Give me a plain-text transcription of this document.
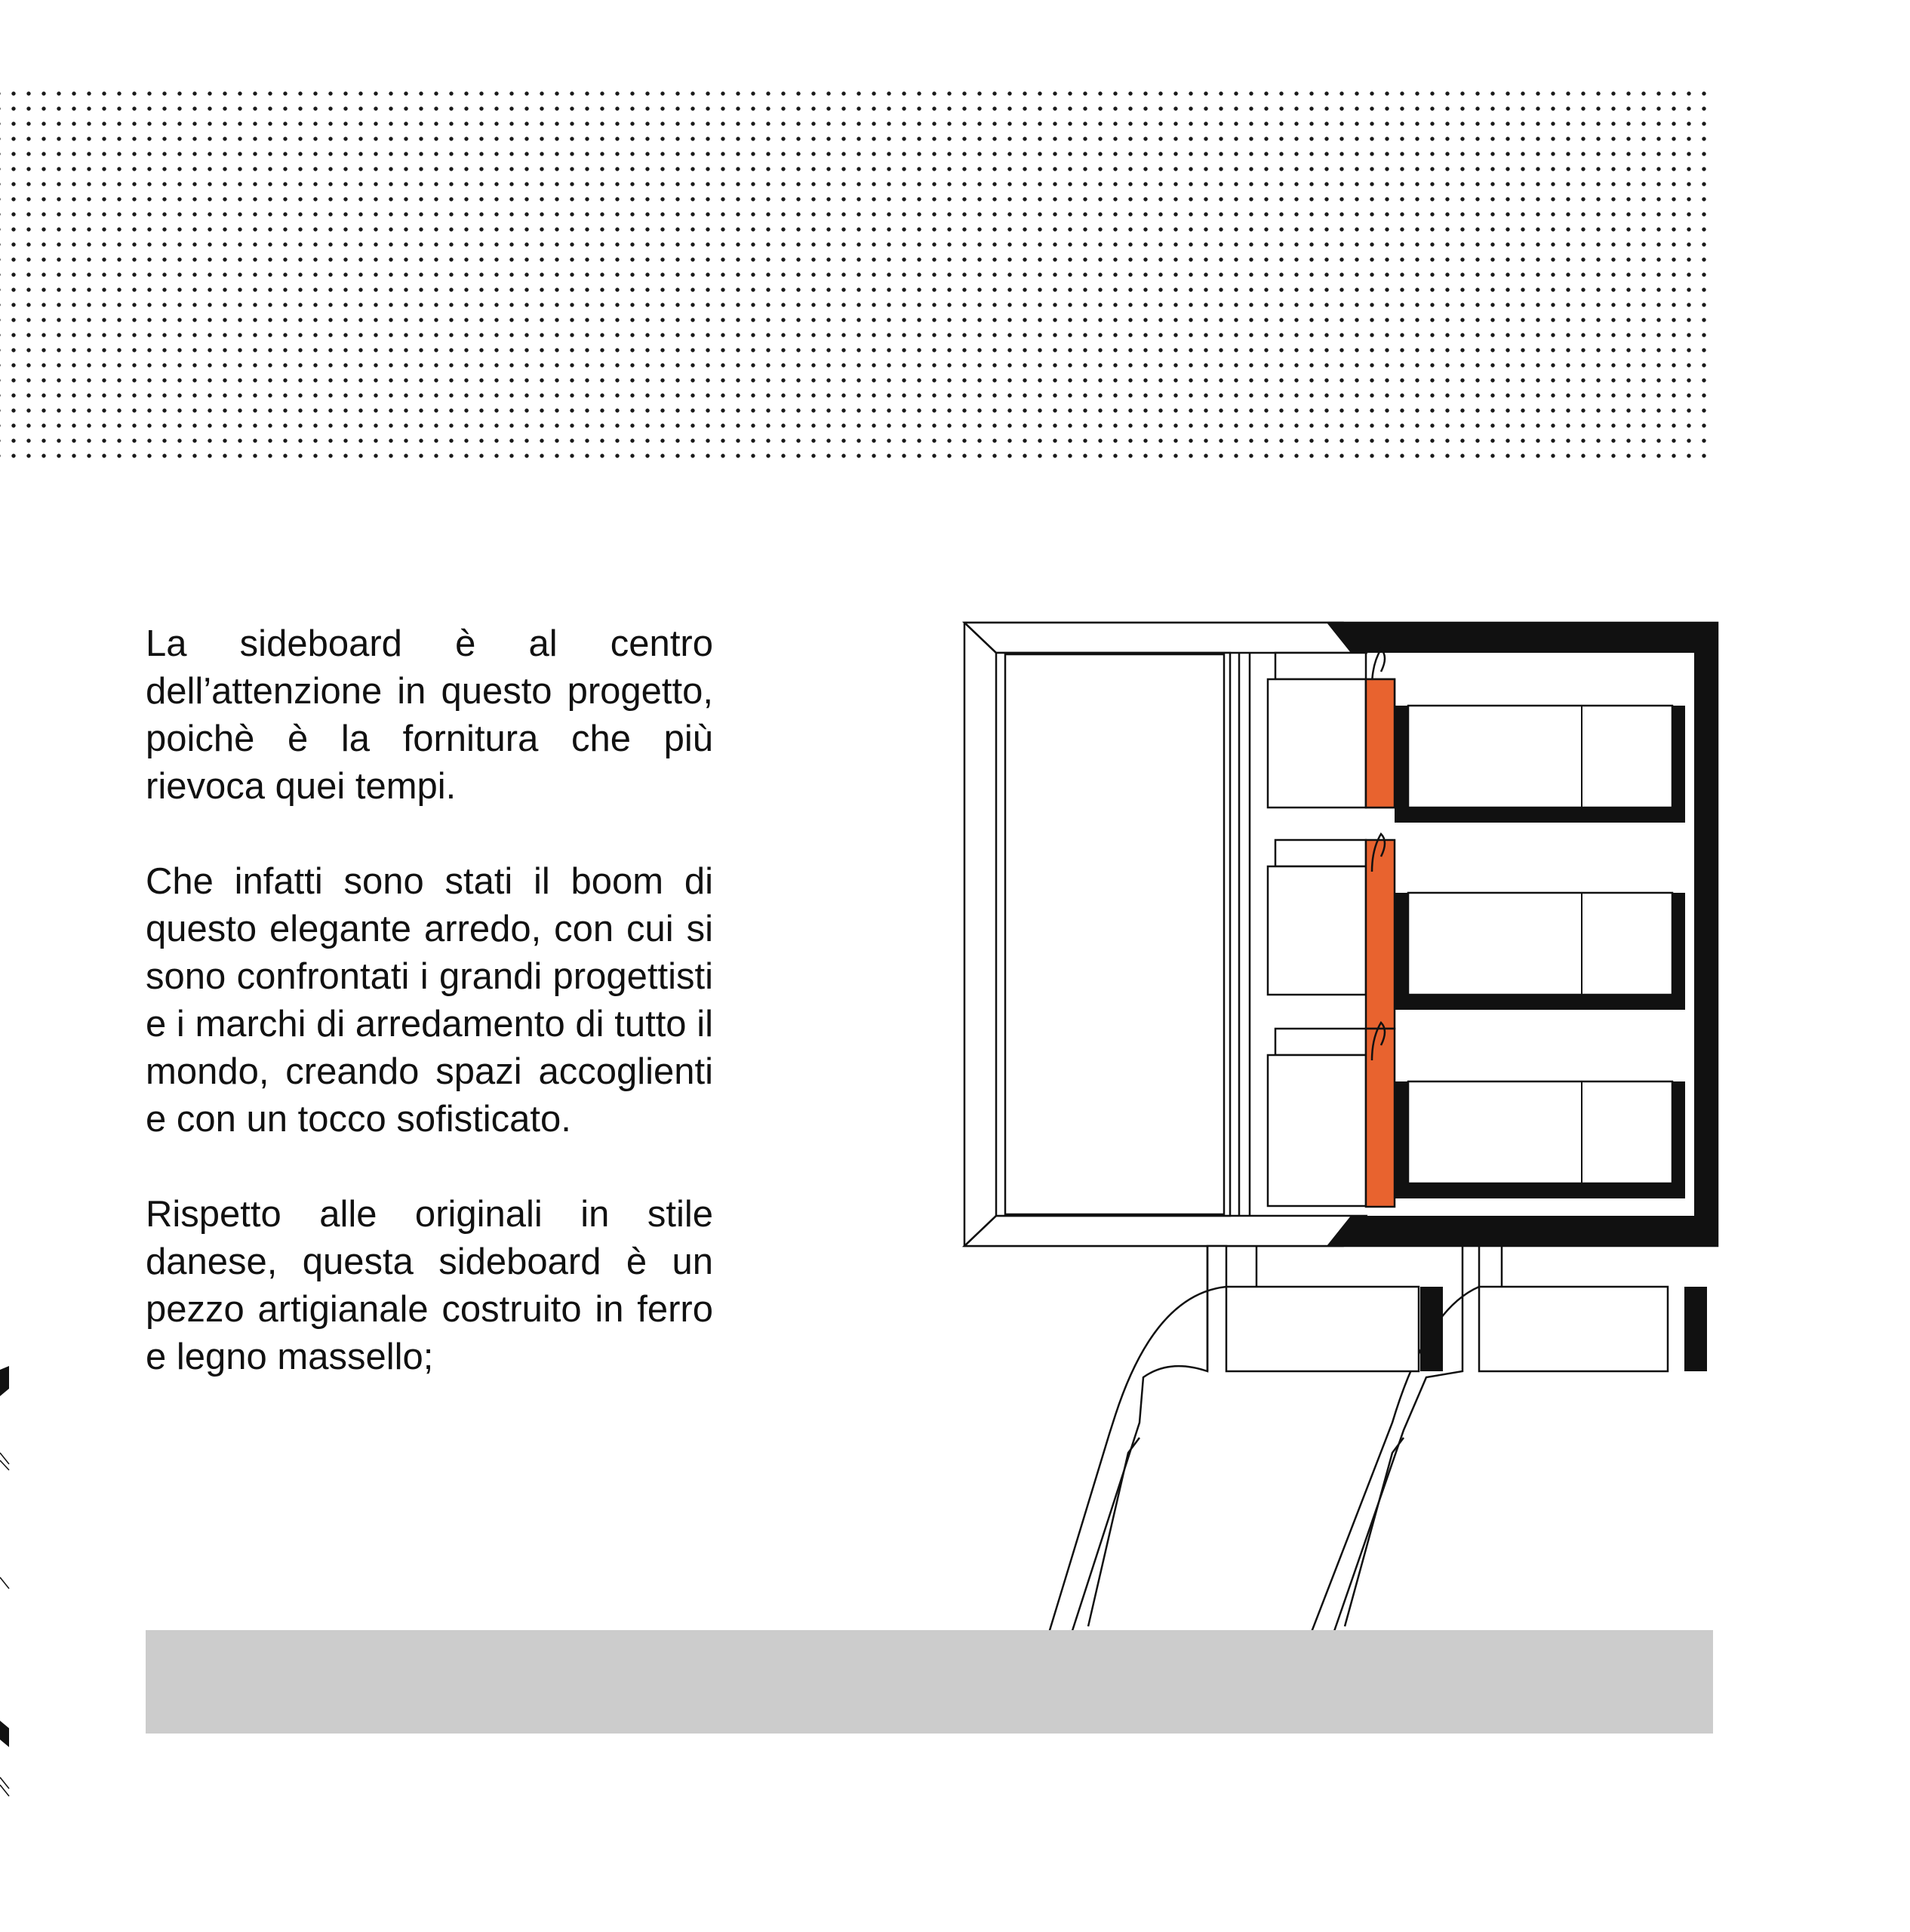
La sideboard è al centro dell’attenzione in questo progetto, poichè è la fornitura che più rievoca quei tempi.

Che infatti sono stati il boom di questo elegante arredo, con cui si sono confrontati i grandi progettisti e i marchi di arredamento di tutto il mondo, creando spazi accoglienti e con un tocco sofisticato.

Rispetto alle originali in stile danese, questa sideboard è un pezzo artigianale costruito in ferro e legno massello;
